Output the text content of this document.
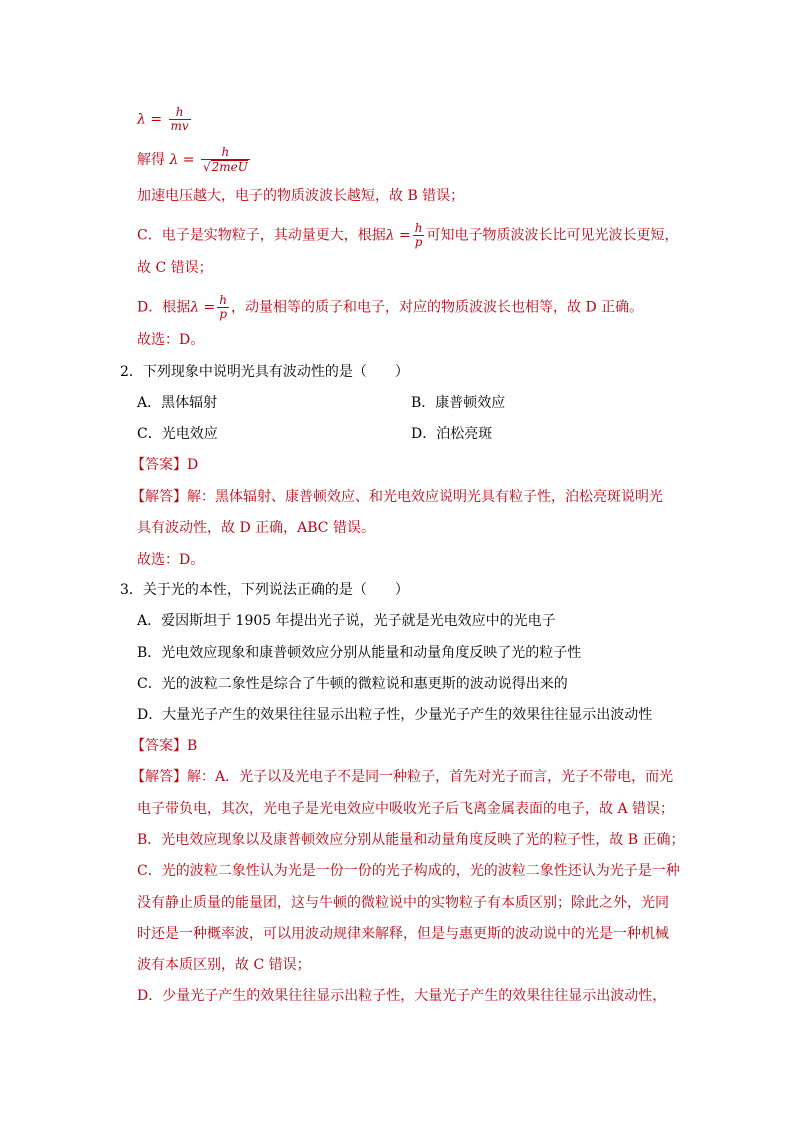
$\lambda = \frac{h}{mv}$
解得 $\lambda = \frac{h}{\text{√2meU}}$
加速电压越大，电子的物质波波长越短，故 B 错误；
C．电子是实物粒子，其动量更大，根据$\lambda = \frac{h}{p}$ 可知电子物质波波长比可见光波长更短，
故 C 错误；
D．根据$\lambda = \frac{h}{p}$ ，动量相等的质子和电子，对应的物质波波长也相等，故 D 正确。
故选：D。
2．下列现象中说明光具有波动性的是（　　）
A．黑体辐射	B．康普顿效应
C．光电效应	D．泊松亮斑
【答案】D
【解答】解：黑体辐射、康普顿效应、和光电效应说明光具有粒子性，泊松亮斑说明光
具有波动性，故 D 正确，ABC 错误。
故选：D。
3．关于光的本性，下列说法正确的是（　　）
A．爱因斯坦于 1905 年提出光子说，光子就是光电效应中的光电子
B．光电效应现象和康普顿效应分别从能量和动量角度反映了光的粒子性
C．光的波粒二象性是综合了牛顿的微粒说和惠更斯的波动说得出来的
D．大量光子产生的效果往往显示出粒子性，少量光子产生的效果往往显示出波动性
【答案】B
【解答】解：A．光子以及光电子不是同一种粒子，首先对光子而言，光子不带电，而光
电子带负电，其次，光电子是光电效应中吸收光子后飞离金属表面的电子，故 A 错误；
B．光电效应现象以及康普顿效应分别从能量和动量角度反映了光的粒子性，故 B 正确；
C．光的波粒二象性认为光是一份一份的光子构成的，光的波粒二象性还认为光子是一种
没有静止质量的能量团，这与牛顿的微粒说中的实物粒子有本质区别；除此之外，光同
时还是一种概率波，可以用波动规律来解释，但是与惠更斯的波动说中的光是一种机械
波有本质区别，故 C 错误；
D．少量光子产生的效果往往显示出粒子性，大量光子产生的效果往往显示出波动性，
